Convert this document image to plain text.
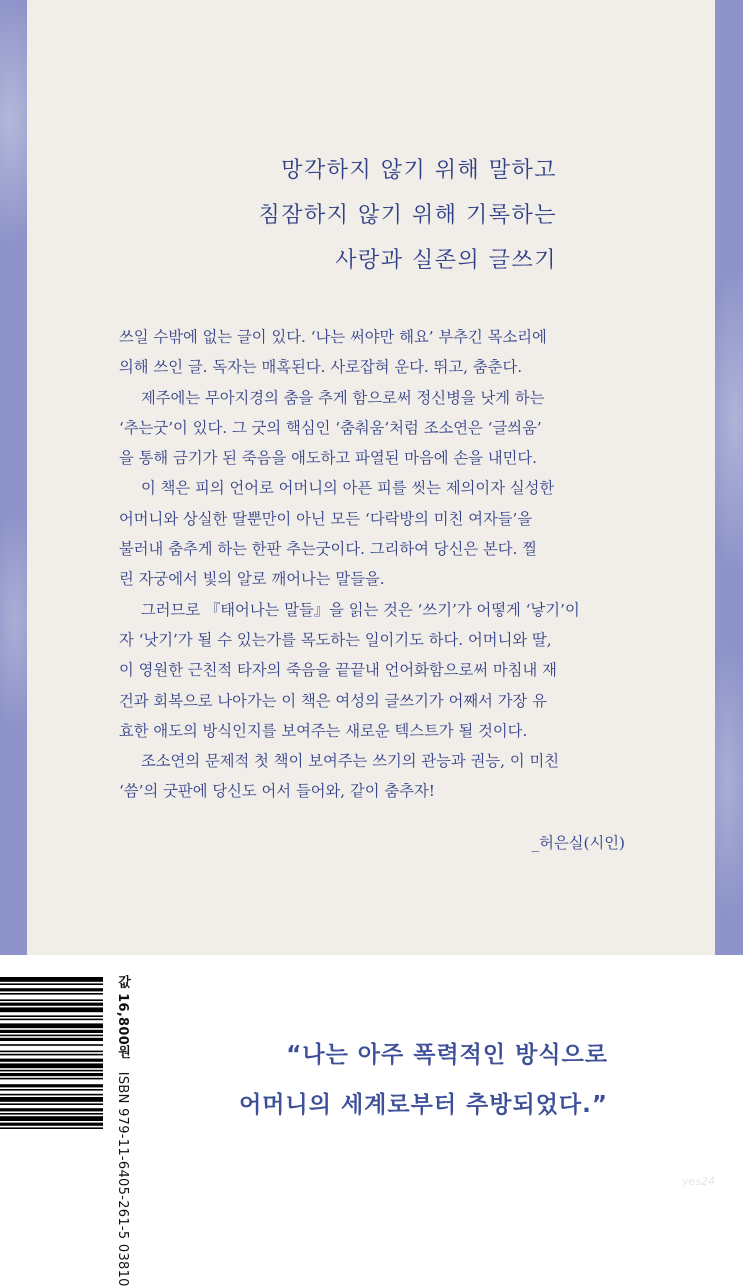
망각하지 않기 위해 말하고
침잠하지 않기 위해 기록하는
사랑과 실존의 글쓰기
쓰일 수밖에 없는 글이 있다. ‘나는 써야만 해요’ 부추긴 목소리에
의해 쓰인 글. 독자는 매혹된다. 사로잡혀 운다. 뛰고, 춤춘다.
제주에는 무아지경의 춤을 추게 함으로써 정신병을 낫게 하는
‘추는굿’이 있다. 그 굿의 핵심인 ‘춤춰움’처럼 조소연은 ‘글씌움’
을 통해 금기가 된 죽음을 애도하고 파열된 마음에 손을 내민다.
이 책은 피의 언어로 어머니의 아픈 피를 씻는 제의이자 실성한
어머니와 상실한 딸뿐만이 아닌 모든 ‘다락방의 미친 여자들’을
불러내 춤추게 하는 한판 추는굿이다. 그리하여 당신은 본다. 찔
린 자궁에서 빛의 알로 깨어나는 말들을.
그러므로 『태어나는 말들』을 읽는 것은 ‘쓰기’가 어떻게 ‘낳기’이
자 ‘낫기’가 될 수 있는가를 목도하는 일이기도 하다. 어머니와 딸,
이 영원한 근친적 타자의 죽음을 끝끝내 언어화함으로써 마침내 재
건과 회복으로 나아가는 이 책은 여성의 글쓰기가 어째서 가장 유
효한 애도의 방식인지를 보여주는 새로운 텍스트가 될 것이다.
조소연의 문제적 첫 책이 보여주는 쓰기의 관능과 권능, 이 미친
‘씀’의 굿판에 당신도 어서 들어와, 같이 춤추자!
_허은실(시인)
값 16,800원   ISBN 979-11-6405-261-5 03810
“나는 아주 폭력적인 방식으로
어머니의 세계로부터 추방되었다.”
yes24
